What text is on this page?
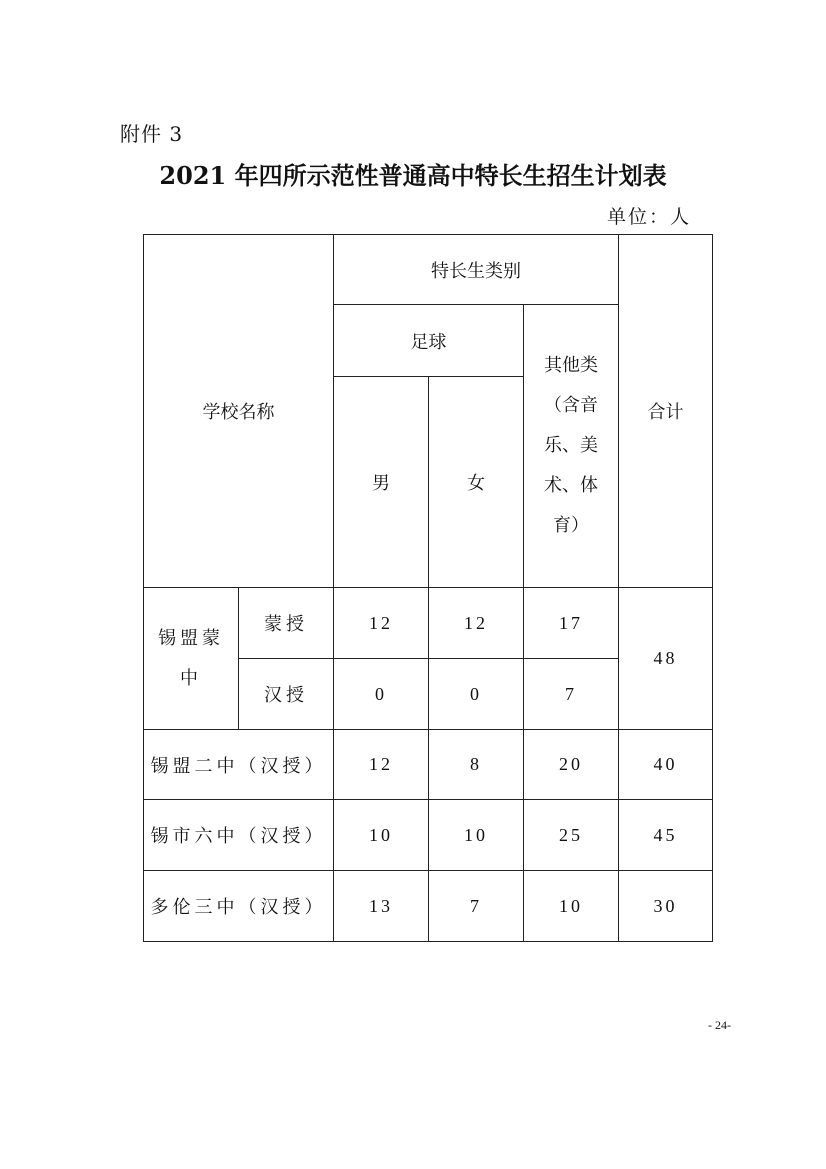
附件 3
2021 年四所示范性普通高中特长生招生计划表
单位：人
学校名称		特长生类别			合计
		足球		其他类（含音乐、美术、体育）	
		男	女		
锡盟蒙中	蒙授	12	12	17	48
	汉授	0	0	7	
锡盟二中（汉授）		12	8	20	40
锡市六中（汉授）		10	10	25	45
多伦三中（汉授）		13	7	10	30
- 24-
